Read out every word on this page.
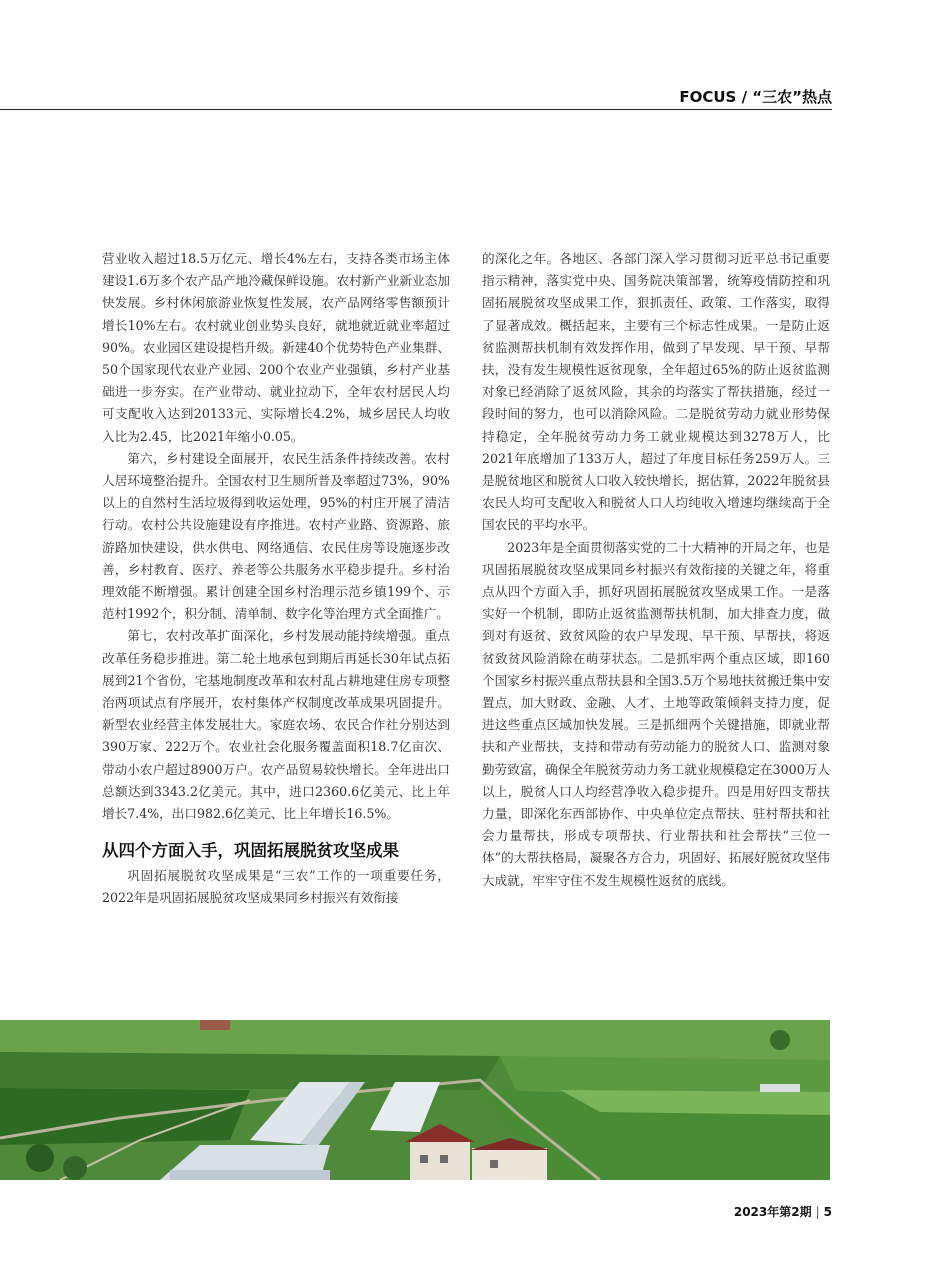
FOCUS / “三农”热点

营业收入超过18.5万亿元、增长4%左右，支持各类市场主体建设1.6万多个农产品产地冷藏保鲜设施。农村新产业新业态加快发展。乡村休闲旅游业恢复性发展，农产品网络零售额预计增长10%左右。农村就业创业势头良好，就地就近就业率超过90%。农业园区建设提档升级。新建40个优势特色产业集群、50个国家现代农业产业园、200个农业产业强镇，乡村产业基础进一步夯实。在产业带动、就业拉动下，全年农村居民人均可支配收入达到20133元、实际增长4.2%，城乡居民人均收入比为2.45，比2021年缩小0.05。

第六，乡村建设全面展开，农民生活条件持续改善。农村人居环境整治提升。全国农村卫生厕所普及率超过73%，90%以上的自然村生活垃圾得到收运处理，95%的村庄开展了清洁行动。农村公共设施建设有序推进。农村产业路、资源路、旅游路加快建设，供水供电、网络通信、农民住房等设施逐步改善，乡村教育、医疗、养老等公共服务水平稳步提升。乡村治理效能不断增强。累计创建全国乡村治理示范乡镇199个、示范村1992个，积分制、清单制、数字化等治理方式全面推广。

第七，农村改革扩面深化，乡村发展动能持续增强。重点改革任务稳步推进。第二轮土地承包到期后再延长30年试点拓展到21个省份，宅基地制度改革和农村乱占耕地建住房专项整治两项试点有序展开，农村集体产权制度改革成果巩固提升。新型农业经营主体发展壮大。家庭农场、农民合作社分别达到390万家、222万个。农业社会化服务覆盖面积18.7亿亩次、带动小农户超过8900万户。农产品贸易较快增长。全年进出口总额达到3343.2亿美元。其中，进口2360.6亿美元、比上年增长7.4%，出口982.6亿美元、比上年增长16.5%。

从四个方面入手，巩固拓展脱贫攻坚成果

巩固拓展脱贫攻坚成果是“三农”工作的一项重要任务，2022年是巩固拓展脱贫攻坚成果同乡村振兴有效衔接

的深化之年。各地区、各部门深入学习贯彻习近平总书记重要指示精神，落实党中央、国务院决策部署，统筹疫情防控和巩固拓展脱贫攻坚成果工作，狠抓责任、政策、工作落实，取得了显著成效。概括起来，主要有三个标志性成果。一是防止返贫监测帮扶机制有效发挥作用，做到了早发现、早干预、早帮扶，没有发生规模性返贫现象，全年超过65%的防止返贫监测对象已经消除了返贫风险，其余的均落实了帮扶措施，经过一段时间的努力，也可以消除风险。二是脱贫劳动力就业形势保持稳定，全年脱贫劳动力务工就业规模达到3278万人，比2021年底增加了133万人，超过了年度目标任务259万人。三是脱贫地区和脱贫人口收入较快增长，据估算，2022年脱贫县农民人均可支配收入和脱贫人口人均纯收入增速均继续高于全国农民的平均水平。

2023年是全面贯彻落实党的二十大精神的开局之年，也是巩固拓展脱贫攻坚成果同乡村振兴有效衔接的关键之年，将重点从四个方面入手，抓好巩固拓展脱贫攻坚成果工作。一是落实好一个机制，即防止返贫监测帮扶机制，加大排查力度，做到对有返贫、致贫风险的农户早发现、早干预、早帮扶，将返贫致贫风险消除在萌芽状态。二是抓牢两个重点区域，即160个国家乡村振兴重点帮扶县和全国3.5万个易地扶贫搬迁集中安置点，加大财政、金融、人才、土地等政策倾斜支持力度，促进这些重点区域加快发展。三是抓细两个关键措施，即就业帮扶和产业帮扶，支持和带动有劳动能力的脱贫人口、监测对象勤劳致富，确保全年脱贫劳动力务工就业规模稳定在3000万人以上，脱贫人口人均经营净收入稳步提升。四是用好四支帮扶力量，即深化东西部协作、中央单位定点帮扶、驻村帮扶和社会力量帮扶，形成专项帮扶、行业帮扶和社会帮扶“三位一体”的大帮扶格局，凝聚各方合力，巩固好、拓展好脱贫攻坚伟大成就，牢牢守住不发生规模性返贫的底线。

2023年第2期 | 5
